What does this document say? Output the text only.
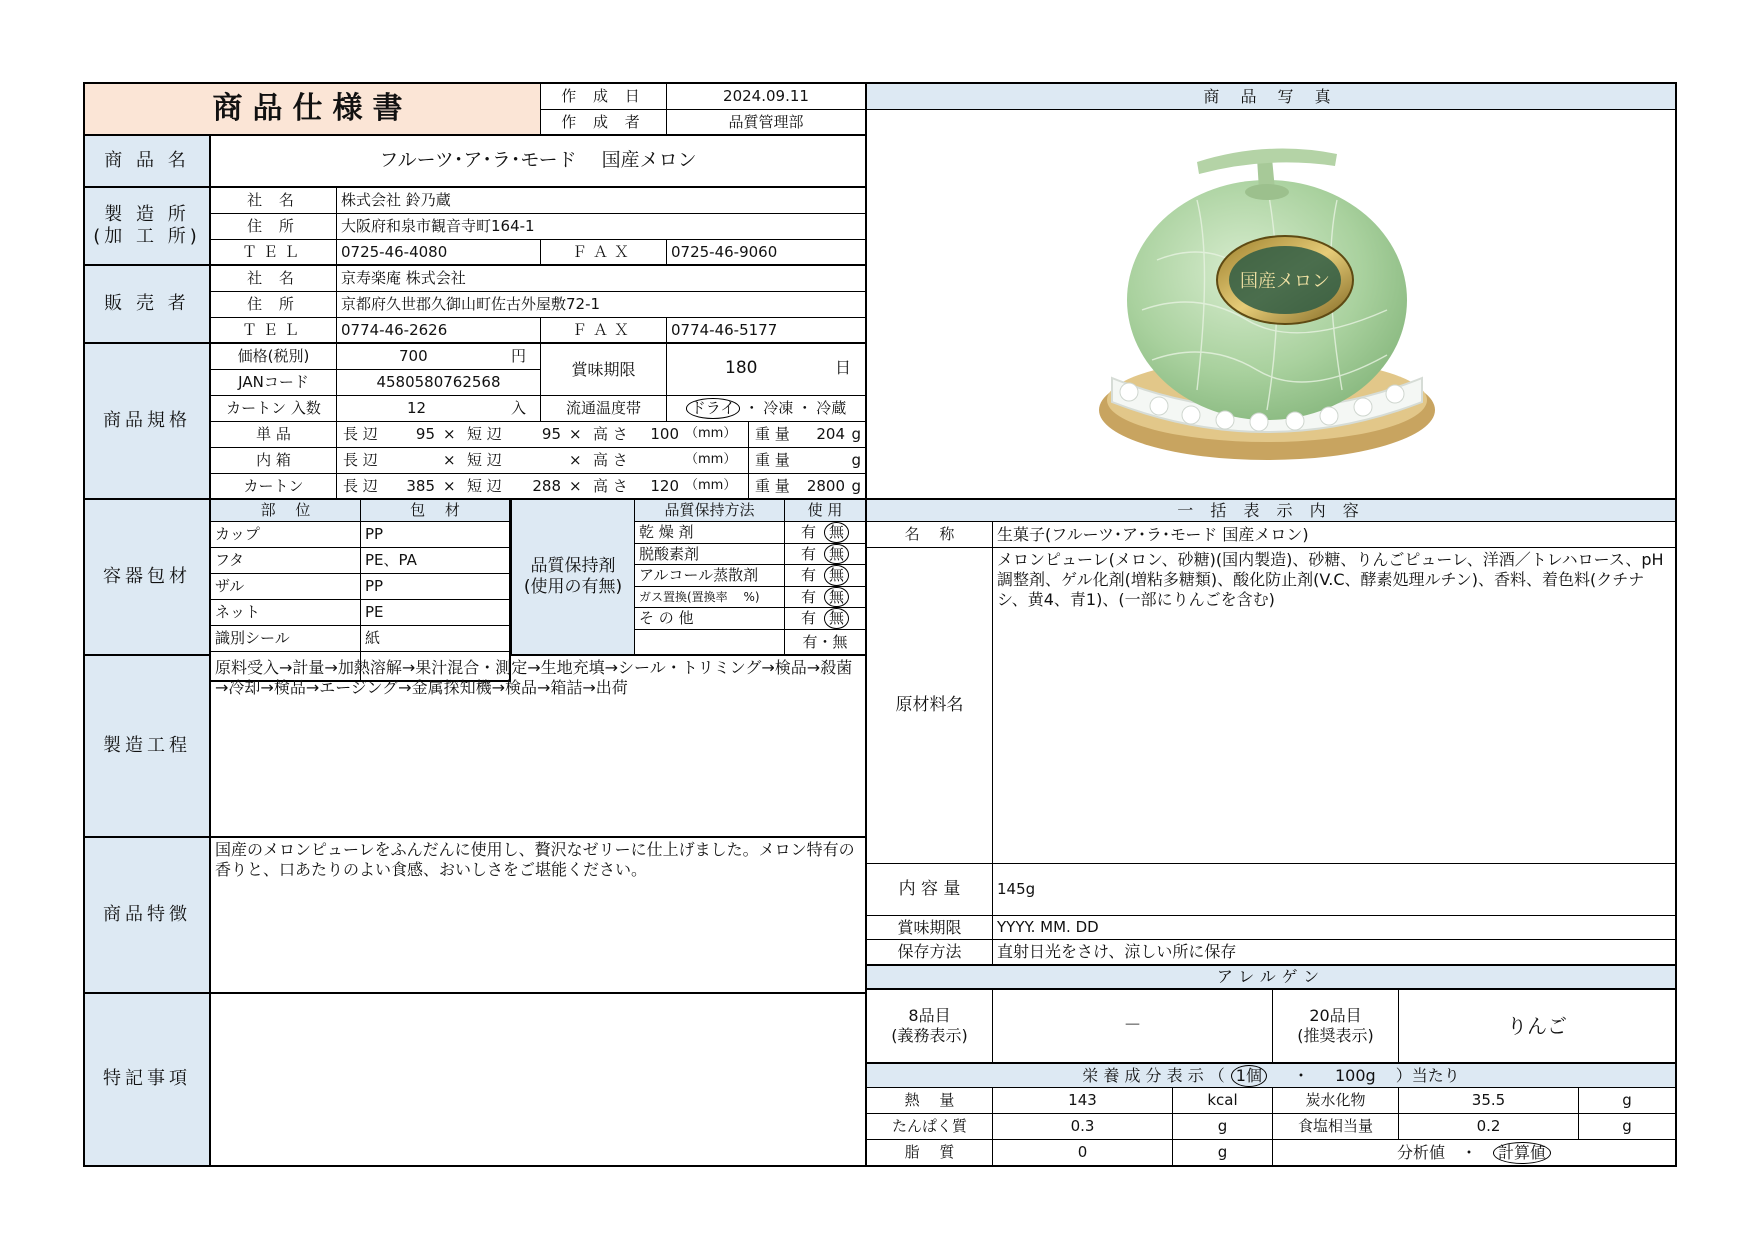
商品仕様書	作 成 日	2024.09.11
作 成 者	品質管理部
商 品 名	フルーツ･ア･ラ･モード　 国産メロン
製 造 所
(加 工 所)
社 名	株式会社 鈴乃蔵
住 所	大阪府和泉市観音寺町164-1
ＴＥＬ	0725-46-4080	ＦＡＸ	0725-46-9060
販 売 者
社 名	京寿楽庵 株式会社
住 所	京都府久世郡久御山町佐古外屋敷72-1
ＴＥＬ	0774-46-2626	ＦＡＸ	0774-46-5177
商品規格
価格(税別)	700	円
賞味期限	180	日
JANコード	4580580762568
カートン 入数	12	入	流通温度帯	ドライ ・ 冷凍 ・ 冷蔵
単 品	長 辺	95 × 短 辺	95 × 高 さ	100 （mm） 重 量	204 g
内 箱	長 辺	× 短 辺	× 高 さ	（mm） 重 量	g
カートン	長 辺	385 × 短 辺	288 × 高 さ	120 （mm） 重 量	2800 g
容器包材
部　 位	包　 材
カップ	PP
フタ	PE、PA
ザル	PP
ネット	PE
識別シール	紙
品質保持剤
(使用の有無)
品質保持方法	使 用
乾 燥 剤	有 無
脱酸素剤	有 無
アルコール蒸散剤	有 無
ガス置換(置換率　 %)	有 無
そ の 他	有 無
有・無
製造工程
原料受入→計量→加熱溶解→果汁混合・測定→生地充填→シール・トリミング→検品→殺菌→冷却→検品→エージング→金属探知機→検品→箱詰→出荷
商品特徴
国産のメロンピューレをふんだんに使用し、贅沢なゼリーに仕上げました。メロン特有の香りと、口あたりのよい食感、おいしさをご堪能ください。
特記事項
商 品 写 真
国産メロン
一 括 表 示 内 容
名　 称	生菓子(フルーツ･ア･ラ･モード 国産メロン)
原材料名
メロンピューレ(メロン、砂糖)(国内製造)、砂糖、りんごピューレ、洋酒／トレハロース、pH調整剤、ゲル化剤(増粘多糖類)、酸化防止剤(V.C、酵素処理ルチン)、香料、着色料(クチナシ、黄4、青1)、(一部にりんごを含む)
内 容 量	145g
賞味期限	YYYY. MM. DD
保存方法	直射日光をさけ、涼しい所に保存
アレルゲン
8品目
(義務表示)	－	20品目
(推奨表示)	りんご
栄 養 成 分 表 示 （ 1個	・ 100g ）当たり
熱　 量	143	kcal	炭水化物	35.5	g
たんぱく質	0.3	g	食塩相当量	0.2	g
脂　 質	0	g	分析値 ・	計算値
